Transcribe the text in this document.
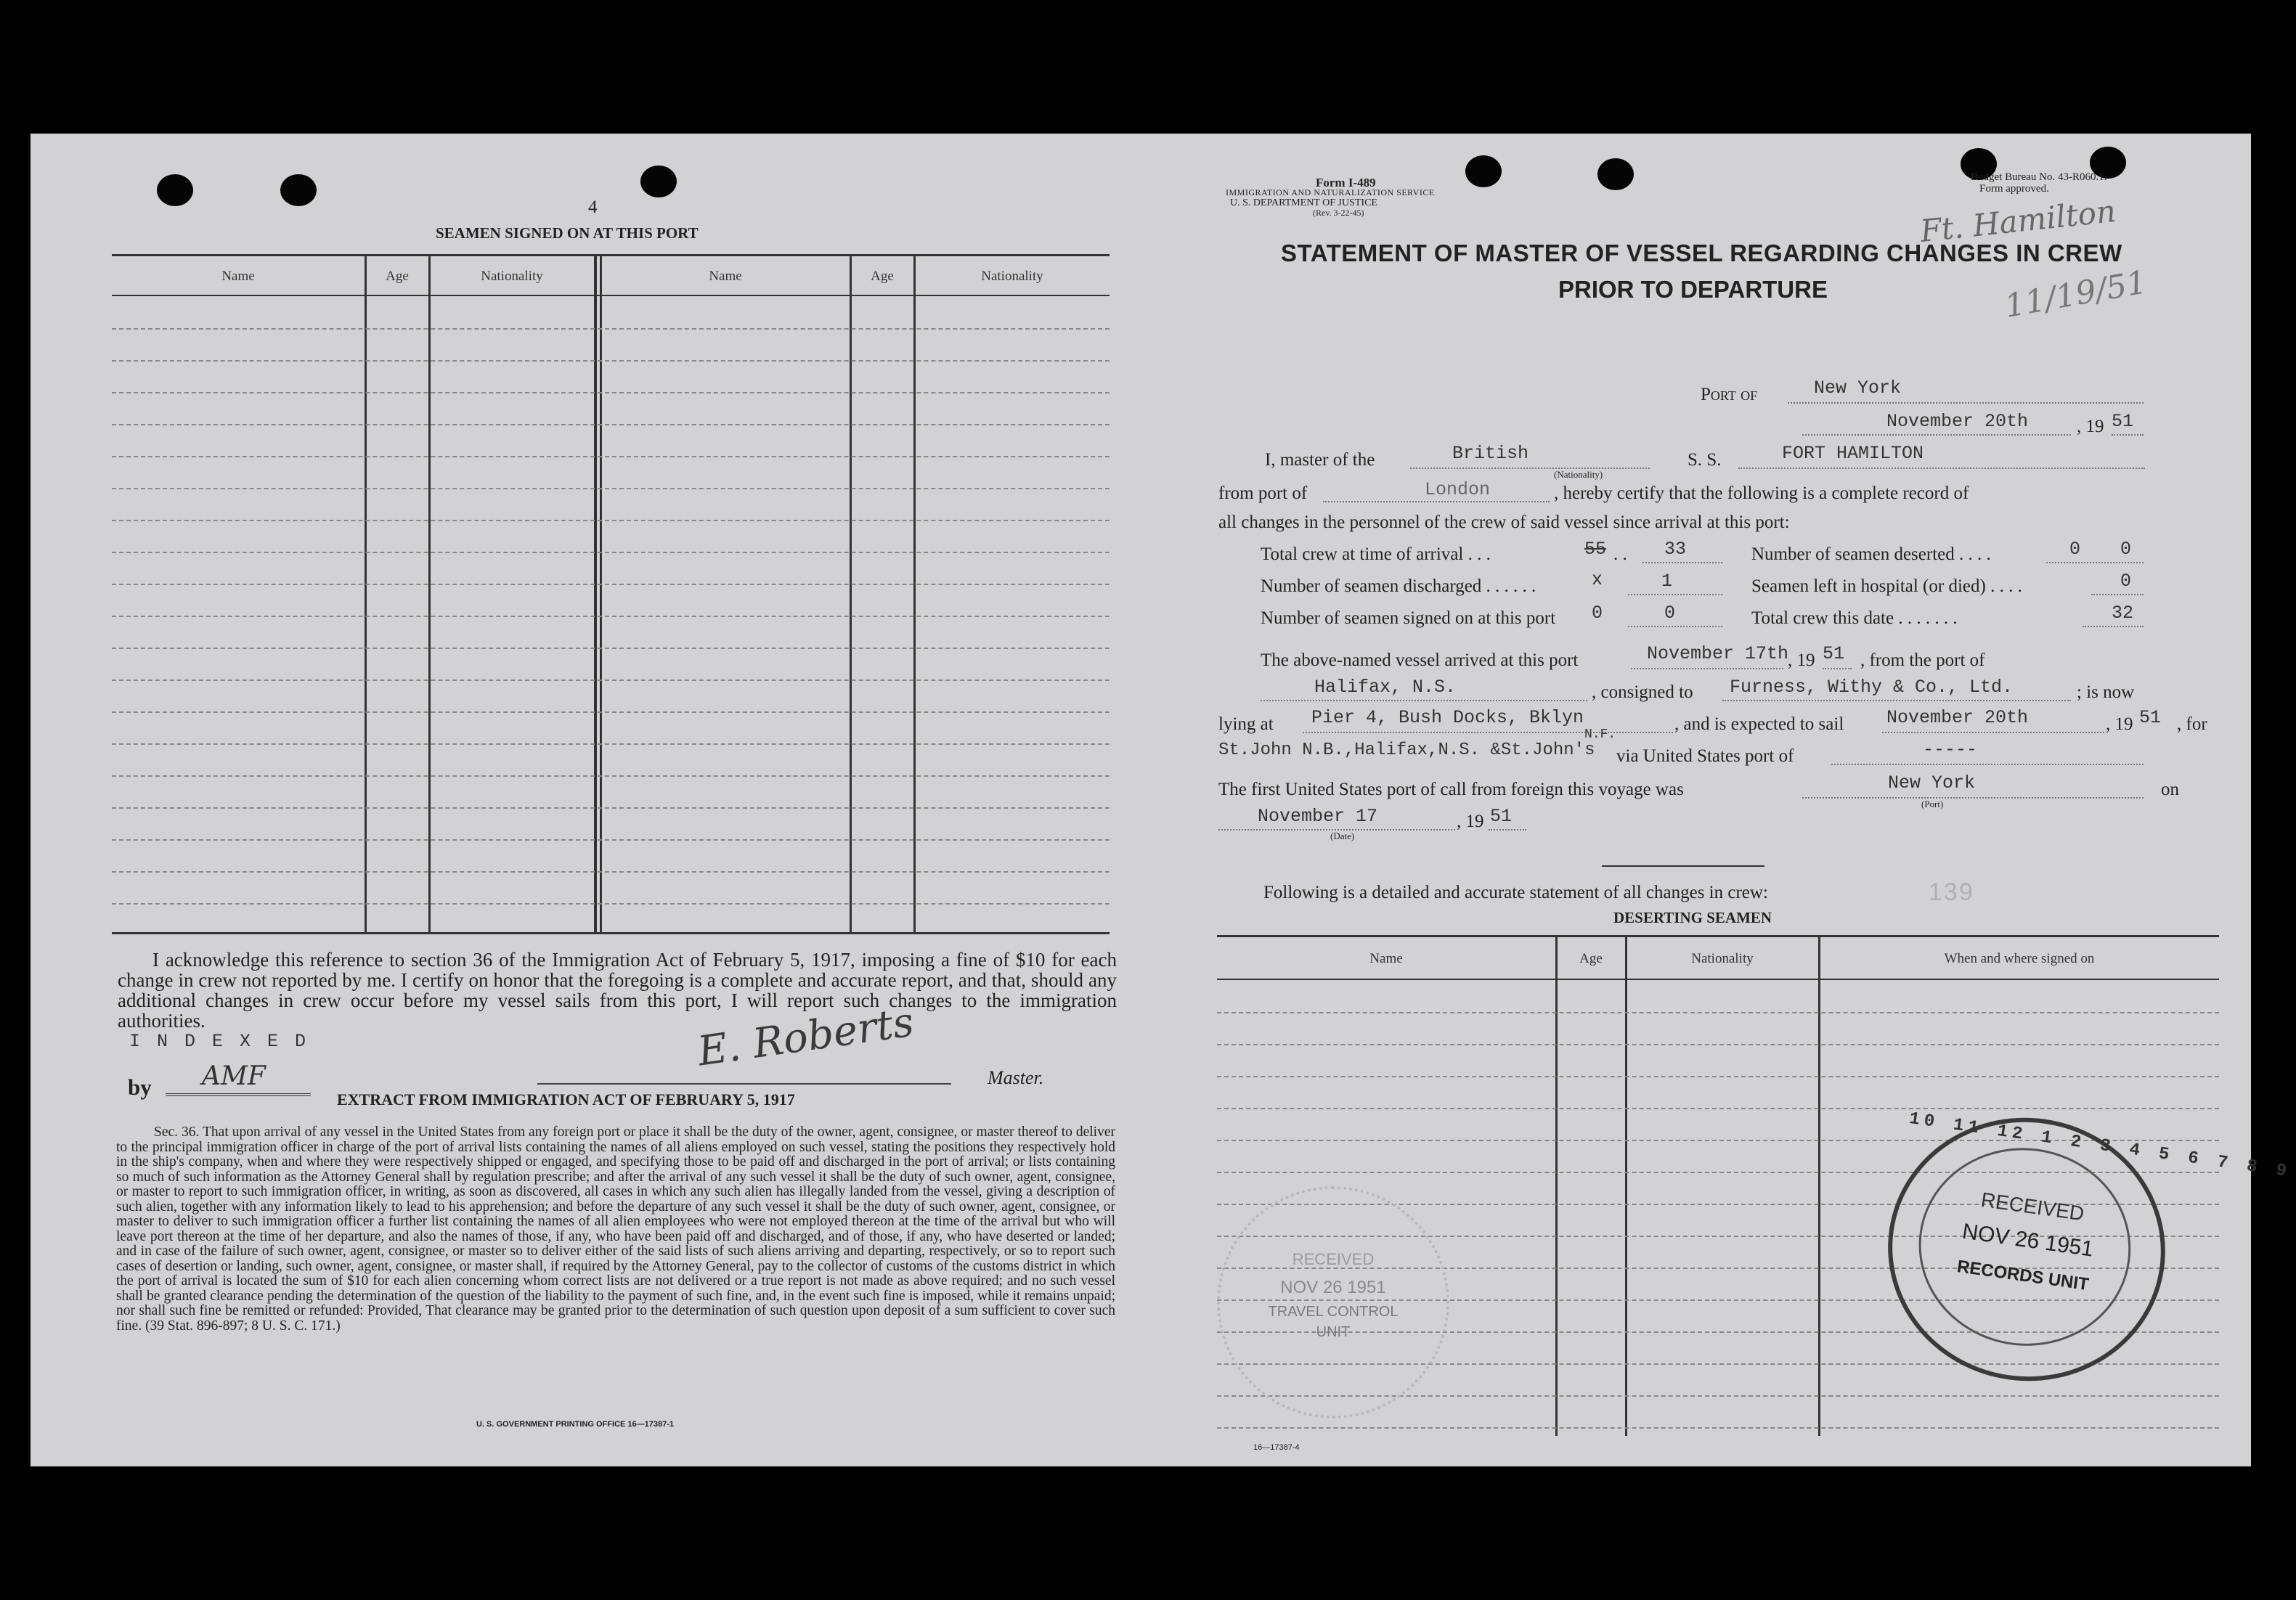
4
SEAMEN SIGNED ON AT THIS PORT
Name	Age	Nationality	Name	Age	Nationality
I acknowledge this reference to section 36 of the Immigration Act of February 5, 1917, imposing a fine of $10 for each change in crew not reported by me. I certify on honor that the foregoing is a complete and accurate report, and that, should any additional changes in crew occur before my vessel sails from this port, I will report such changes to the immigration authorities.
I N D E X E D
by AMF
E. Roberts
Master.
EXTRACT FROM IMMIGRATION ACT OF FEBRUARY 5, 1917
Sec. 36. That upon arrival of any vessel in the United States from any foreign port or place it shall be the duty of the owner, agent, consignee, or master thereof to deliver to the principal immigration officer in charge of the port of arrival lists containing the names of all aliens employed on such vessel, stating the positions they respectively hold in the ship's company, when and where they were respectively shipped or engaged, and specifying those to be paid off and discharged in the port of arrival; or lists containing so much of such information as the Attorney General shall by regulation prescribe; and after the arrival of any such vessel it shall be the duty of such owner, agent, consignee, or master to report to such immigration officer, in writing, as soon as discovered, all cases in which any such alien has illegally landed from the vessel, giving a description of such alien, together with any information likely to lead to his apprehension; and before the departure of any such vessel it shall be the duty of such owner, agent, consignee, or master to deliver to such immigration officer a further list containing the names of all alien employees who were not employed thereon at the time of the arrival but who will leave port thereon at the time of her departure, and also the names of those, if any, who have been paid off and discharged, and of those, if any, who have deserted or landed; and in case of the failure of such owner, agent, consignee, or master so to deliver either of the said lists of such aliens arriving and departing, respectively, or so to report such cases of desertion or landing, such owner, agent, consignee, or master shall, if required by the Attorney General, pay to the collector of customs of the customs district in which the port of arrival is located the sum of $10 for each alien concerning whom correct lists are not delivered or a true report is not made as above required; and no such vessel shall be granted clearance pending the determination of the question of the liability to the payment of such fine, and, in the event such fine is imposed, while it remains unpaid; nor shall such fine be remitted or refunded: Provided, That clearance may be granted prior to the determination of such question upon deposit of a sum sufficient to cover such fine. (39 Stat. 896-897; 8 U. S. C. 171.)
U. S. GOVERNMENT PRINTING OFFICE 16—17387-1
Form I-489
IMMIGRATION AND NATURALIZATION SERVICE
U. S. DEPARTMENT OF JUSTICE
(Rev. 3-22-45)
Budget Bureau No. 43-R060.1.
Form approved.
Ft. Hamilton
11/19/51
STATEMENT OF MASTER OF VESSEL REGARDING CHANGES IN CREW
PRIOR TO DEPARTURE
Port of	New York
November 20th	, 19 51
I, master of the	British
(Nationality)
S. S.	FORT HAMILTON
from port of	London	, hereby certify that the following is a complete record of
all changes in the personnel of the crew of said vessel since arrival at this port:
Total crew at time of arrival . . .	55 . . 33	Number of seamen deserted . . . .	0 0
Number of seamen discharged . . . . . .	x	1	Seamen left in hospital (or died) . . . .	0
Number of seamen signed on at this port 0	0	Total crew this date . . . . . . .	32
The above-named vessel arrived at this port	November 17th
, 19 51 , from the port of
Halifax, N.S.	, consigned to Furness, Withy & Co., Ltd.	; is now
lying at Pier 4, Bush Docks, Bklyn	, and is expected to sail November 20th	, 19 51 , for
N.F.
St.John N.B.,Halifax,N.S. &St.John's via United States port of	-----
The first United States port of call from foreign this voyage was	New York
(Port)
on
November 17
(Date)
, 19 51
Following is a detailed and accurate statement of all changes in crew:	139
DESERTING SEAMEN
Name	Age	Nationality	When and where signed on
RECEIVED
NOV 26 1951
TRAVEL CONTROL
UNIT
10 11 12 1 2 3 4 5 6 7 8 9
RECEIVED
NOV 26 1951
RECORDS UNIT
16—17387-4
